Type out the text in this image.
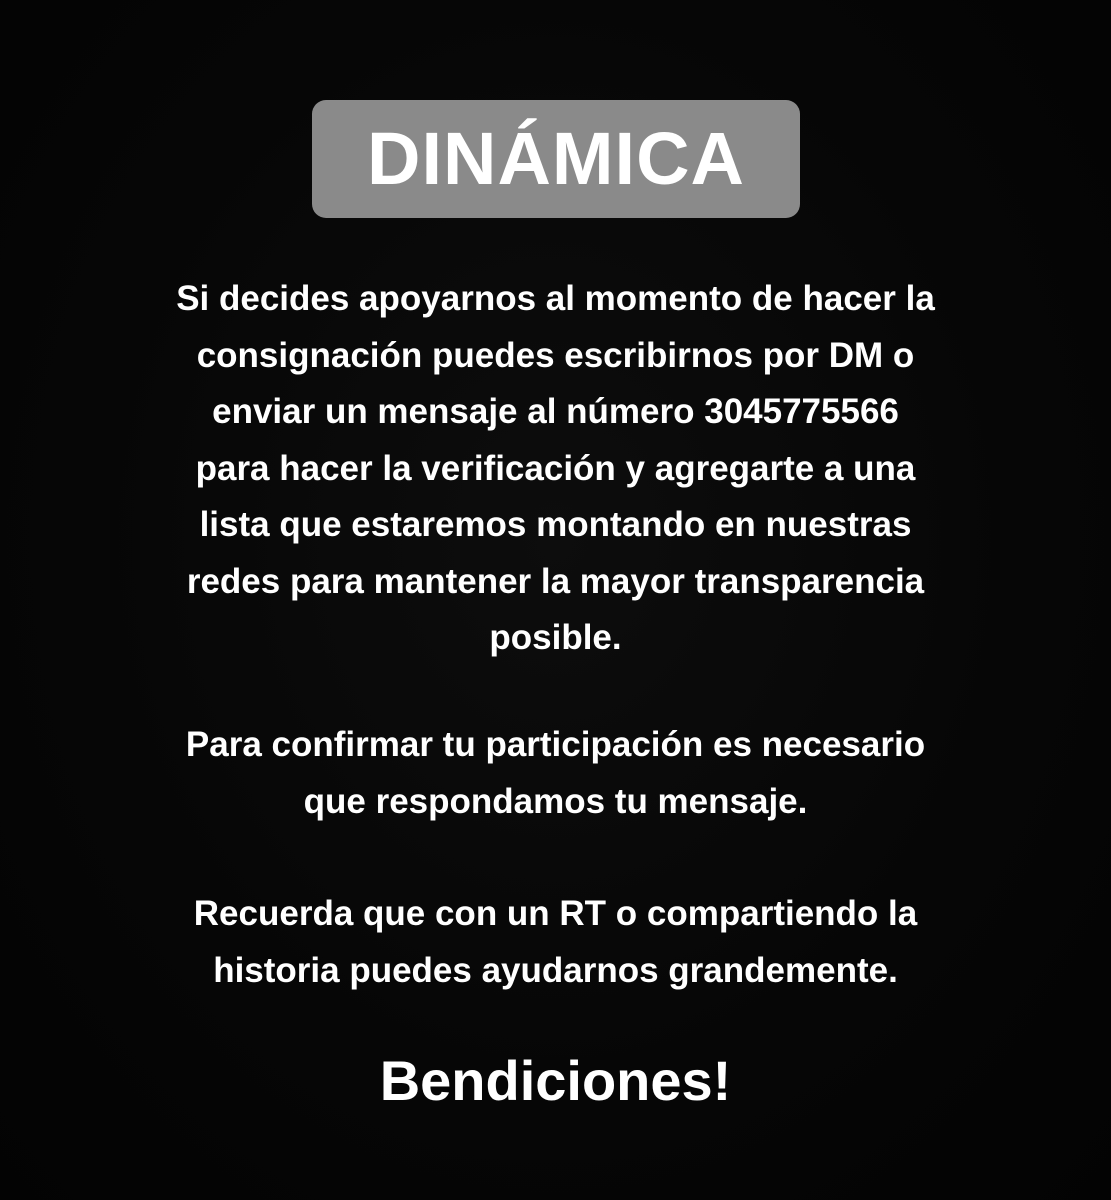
DINÁMICA

Si decides apoyarnos al momento de hacer la
consignación puedes escribirnos por DM o
enviar un mensaje al número 3045775566
para hacer la verificación y agregarte a una
lista que estaremos montando en nuestras
redes para mantener la mayor transparencia
posible.

Para confirmar tu participación es necesario
que respondamos tu mensaje.

Recuerda que con un RT o compartiendo la
historia puedes ayudarnos grandemente.

Bendiciones!
